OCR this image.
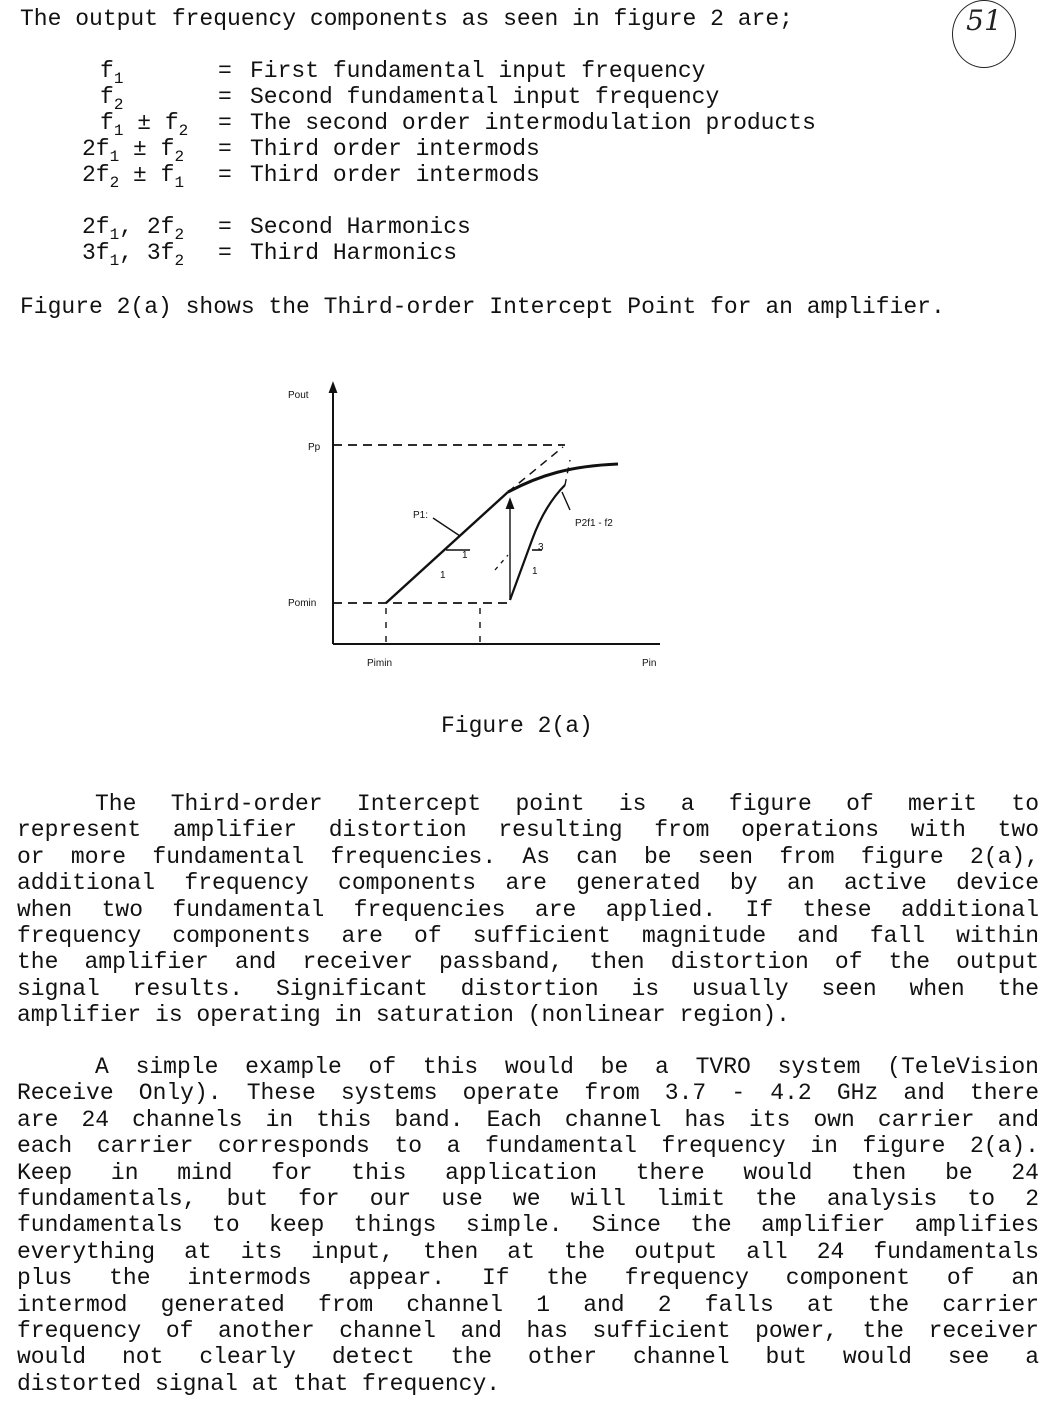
51
The output frequency components as seen in figure 2 are;
$f_1$	= First fundamental input frequency
$f_2$	= Second fundamental input frequency
$f_1 \pm f_2$ = The second order intermodulation products
$2f_1 \pm f_2$ = Third order intermods
$2f_2 \pm f_1$ = Third order intermods
$2f_1$, $2f_2$ = Second Harmonics
$3f_1$, $3f_2$ = Third Harmonics
Figure 2(a) shows the Third-order Intercept Point for an amplifier.
Pout
Pp
Pomin
Pin
Pimin
P1:
P2f1 - f2
1
1
3
1
Figure 2(a)
The Third-order Intercept point is a figure of merit to
represent amplifier distortion resulting from operations with two
or more fundamental frequencies. As can be seen from figure 2(a),
additional frequency components are generated by an active device
when two fundamental frequencies are applied. If these additional
frequency components are of sufficient magnitude and fall within
the amplifier and receiver passband, then distortion of the output
signal results. Significant distortion is usually seen when the
amplifier is operating in saturation (nonlinear region).
A simple example of this would be a TVRO system (TeleVision
Receive Only). These systems operate from 3.7 - 4.2 GHz and there
are 24 channels in this band. Each channel has its own carrier and
each carrier corresponds to a fundamental frequency in figure 2(a).
Keep in mind for this application there would then be 24
fundamentals, but for our use we will limit the analysis to 2
fundamentals to keep things simple. Since the amplifier amplifies
everything at its input, then at the output all 24 fundamentals
plus the intermods appear. If the frequency component of an
intermod generated from channel 1 and 2 falls at the carrier
frequency of another channel and has sufficient power, the receiver
would not clearly detect the other channel but would see a
distorted signal at that frequency.
